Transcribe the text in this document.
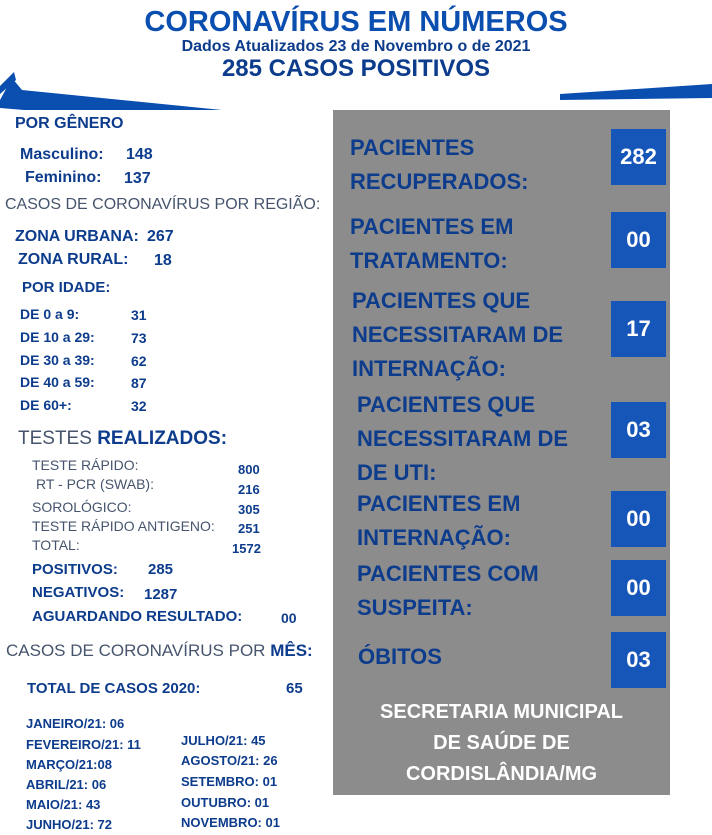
CORONAVÍRUS EM NÚMEROS
Dados Atualizados 23 de Novembro o de 2021
285 CASOS POSITIVOS
POR GÊNERO
Masculino: 148
Feminino: 137
CASOS DE CORONAVÍRUS POR REGIÃO:
ZONA URBANA: 267
ZONA RURAL: 18
POR IDADE:
DE 0 a 9:	31
DE 10 a 29:	73
DE 30 a 39:	62
DE 40 a 59:	87
DE 60+:	32
TESTES REALIZADOS:
TESTE RÁPIDO:	800
RT - PCR (SWAB):	216
SOROLÓGICO:	305
TESTE RÁPIDO ANTIGENO: 251
TOTAL:	1572
POSITIVOS: 285
NEGATIVOS: 1287
AGUARDANDO RESULTADO:	00
CASOS DE CORONAVÍRUS POR MÊS:
TOTAL DE CASOS 2020:	65
JANEIRO/21: 06
FEVEREIRO/21: 11
MARÇO/21:08
ABRIL/21: 06
MAIO/21: 43
JUNHO/21: 72
JULHO/21: 45
AGOSTO/21: 26
SETEMBRO: 01
OUTUBRO: 01
NOVEMBRO: 01
PACIENTES
RECUPERADOS:
282
PACIENTES EM
TRATAMENTO:
00
PACIENTES QUE
NECESSITARAM DE
INTERNAÇÃO:
17
PACIENTES QUE
NECESSITARAM DE
DE UTI:
03
PACIENTES EM
INTERNAÇÃO:
00
PACIENTES COM
SUSPEITA:
00
ÓBITOS	03
SECRETARIA MUNICIPAL
DE SAÚDE DE
CORDISLÂNDIA/MG
